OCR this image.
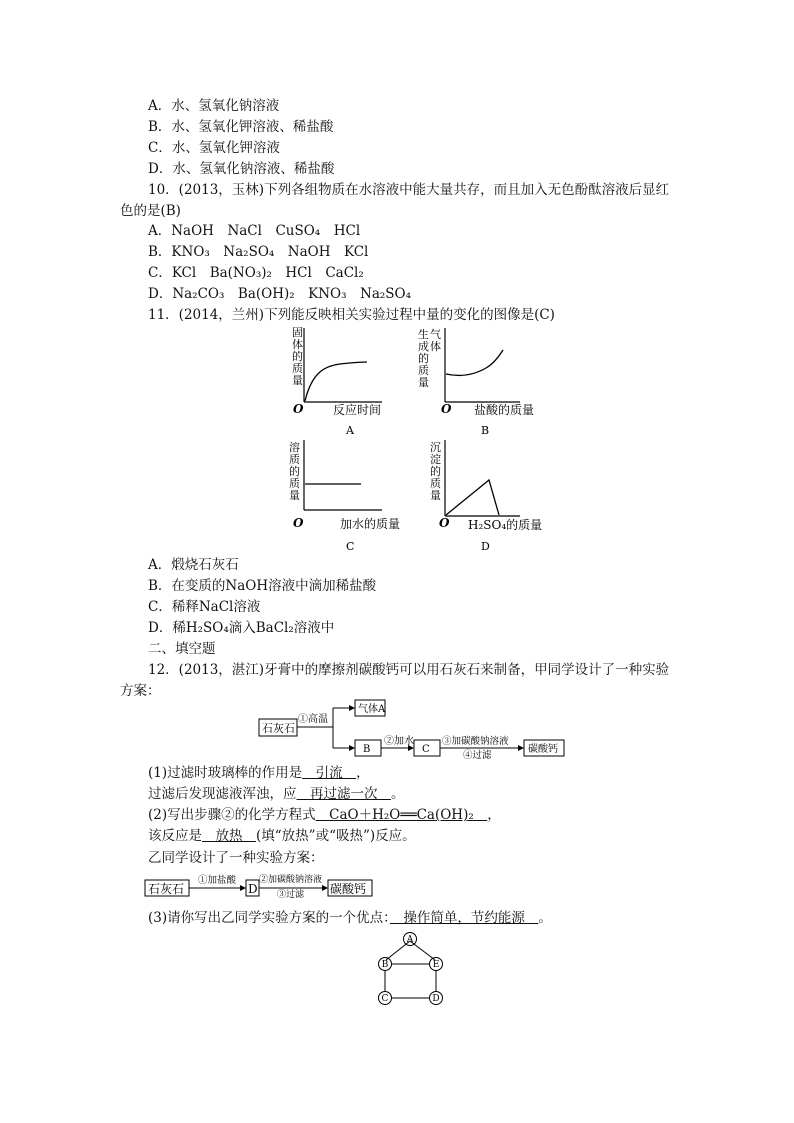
A．水、氢氧化钠溶液
B．水、氢氧化钾溶液、稀盐酸
C．水、氢氧化钾溶液
D．水、氢氧化钠溶液、稀盐酸
10．(2013，玉林)下列各组物质在水溶液中能大量共存，而且加入无色酚酞溶液后显红
色的是(B)
A．NaOH　NaCl　CuSO₄　HCl
B．KNO₃　Na₂SO₄　NaOH　KCl
C．KCl　Ba(NO₃)₂　HCl　CaCl₂
D．Na₂CO₃　Ba(OH)₂　KNO₃　Na₂SO₄
11．(2014，兰州)下列能反映相关实验过程中量的变化的图像是(C)
固体的质量
O 反应时间
A
生成气体的质量
O 盐酸的质量
B
溶质的质量
O	加水的质量
C
沉淀的质量
O H₂SO₄的质量
D
石灰石
①高温
气体A
B
②加水
C
③加碳酸钠溶液
④过滤
碳酸钙
石灰石
①加盐酸
D
②加碳酸钠溶液
③过滤 碳酸钙
A
B	E
C	D
A．煅烧石灰石
B．在变质的NaOH溶液中滴加稀盐酸
C．稀释NaCl溶液
D．稀H₂SO₄滴入BaCl₂溶液中
二、填空题
12．(2013，湛江)牙膏中的摩擦剂碳酸钙可以用石灰石来制备，甲同学设计了一种实验
方案：
(1)过滤时玻璃棒的作用是　引流　，
过滤后发现滤液浑浊，应　再过滤一次　。
(2)写出步骤②的化学方程式　CaO＋H₂O══Ca(OH)₂　，
该反应是　放热　(填“放热”或“吸热”)反应。
乙同学设计了一种实验方案：
(3)请你写出乙同学实验方案的一个优点：　操作简单，节约能源　。
